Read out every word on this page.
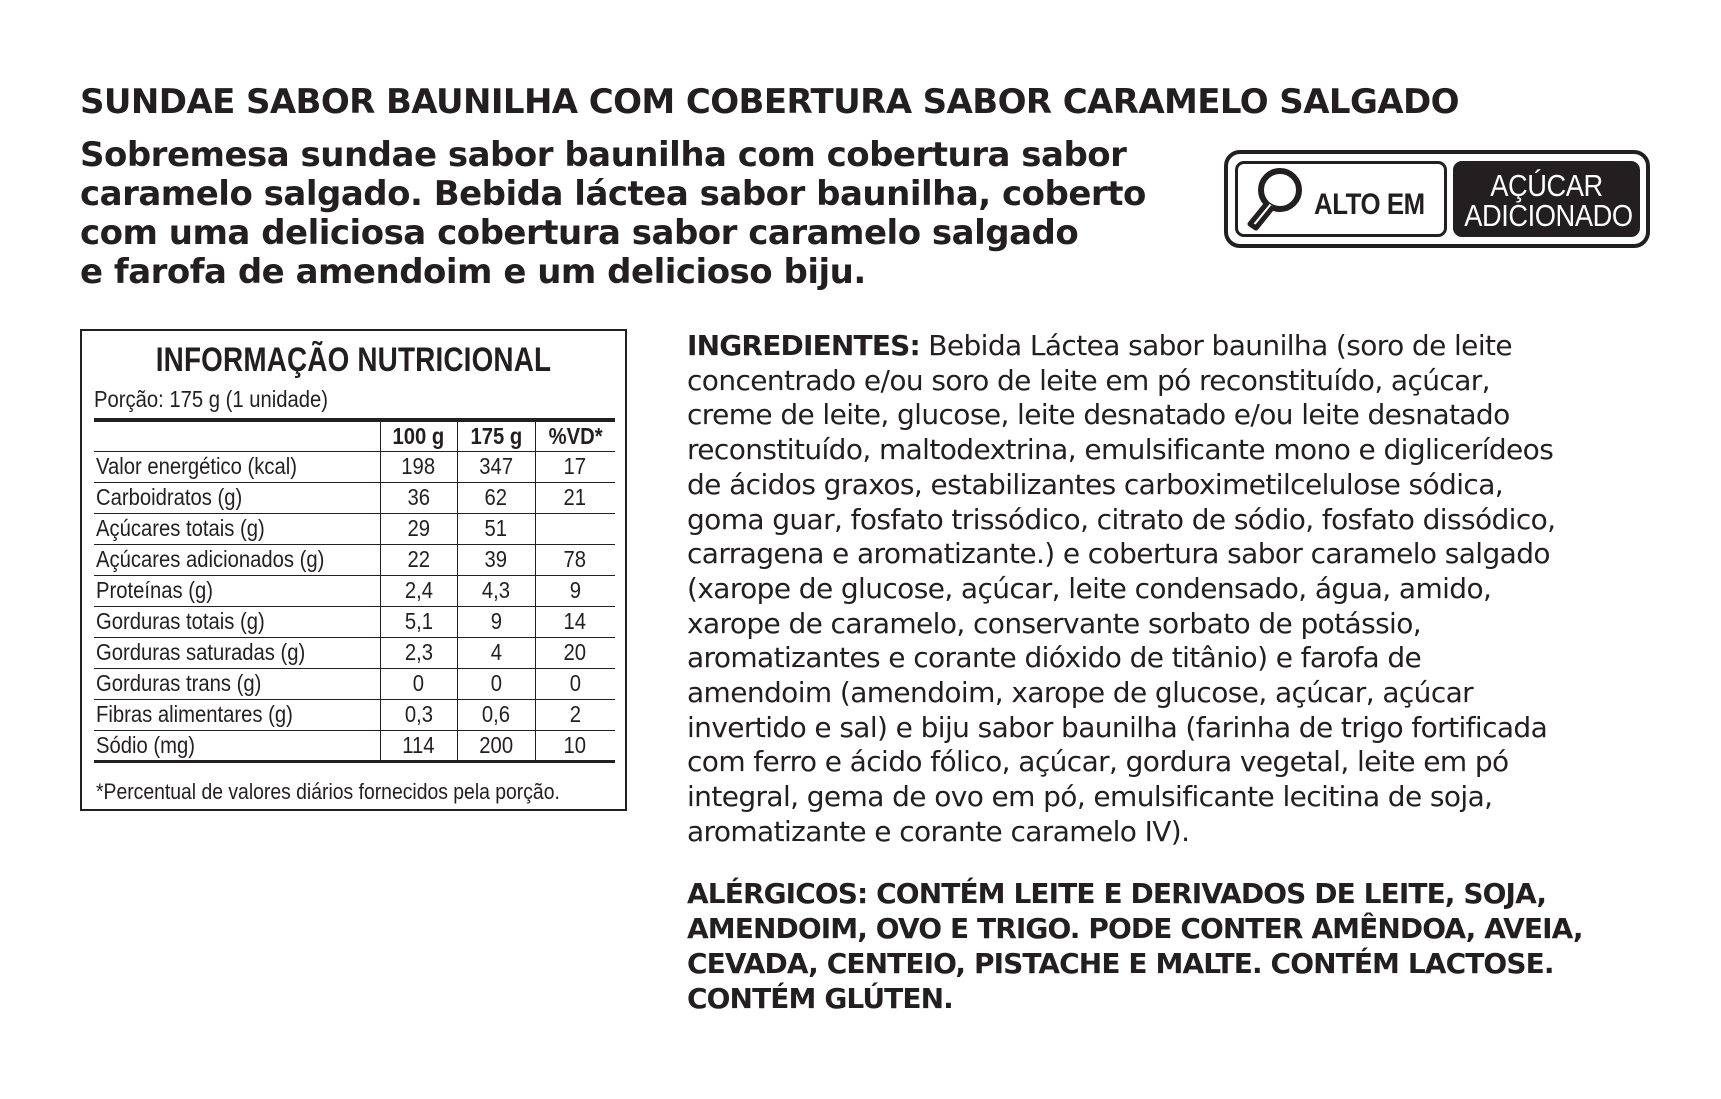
SUNDAE SABOR BAUNILHA COM COBERTURA SABOR CARAMELO SALGADO
Sobremesa sundae sabor baunilha com cobertura sabor
caramelo salgado. Bebida láctea sabor baunilha, coberto
com uma deliciosa cobertura sabor caramelo salgado
e farofa de amendoim e um delicioso biju.
ALTO EM
AÇÚCAR
ADICIONADO
INFORMAÇÃO NUTRICIONAL
Porção: 175 g (1 unidade)
	100 g	175 g	%VD*
Valor energético (kcal)	198	347	17
Carboidratos (g)	36	62	21
Açúcares totais (g)	29	51	
Açúcares adicionados (g)	22	39	78
Proteínas (g)	2,4	4,3	9
Gorduras totais (g)	5,1	9	14
Gorduras saturadas (g)	2,3	4	20
Gorduras trans (g)	0	0	0
Fibras alimentares (g)	0,3	0,6	2
Sódio (mg)	114	200	10
*Percentual de valores diários fornecidos pela porção.
INGREDIENTES: Bebida Láctea sabor baunilha (soro de leite
concentrado e/ou soro de leite em pó reconstituído, açúcar,
creme de leite, glucose, leite desnatado e/ou leite desnatado
reconstituído, maltodextrina, emulsificante mono e diglicerídeos
de ácidos graxos, estabilizantes carboximetilcelulose sódica,
goma guar, fosfato trissódico, citrato de sódio, fosfato dissódico,
carragena e aromatizante.) e cobertura sabor caramelo salgado
(xarope de glucose, açúcar, leite condensado, água, amido,
xarope de caramelo, conservante sorbato de potássio,
aromatizantes e corante dióxido de titânio) e farofa de
amendoim (amendoim, xarope de glucose, açúcar, açúcar
invertido e sal) e biju sabor baunilha (farinha de trigo fortificada
com ferro e ácido fólico, açúcar, gordura vegetal, leite em pó
integral, gema de ovo em pó, emulsificante lecitina de soja,
aromatizante e corante caramelo IV).
ALÉRGICOS: CONTÉM LEITE E DERIVADOS DE LEITE, SOJA,
AMENDOIM, OVO E TRIGO. PODE CONTER AMÊNDOA, AVEIA,
CEVADA, CENTEIO, PISTACHE E MALTE. CONTÉM LACTOSE.
CONTÉM GLÚTEN.
